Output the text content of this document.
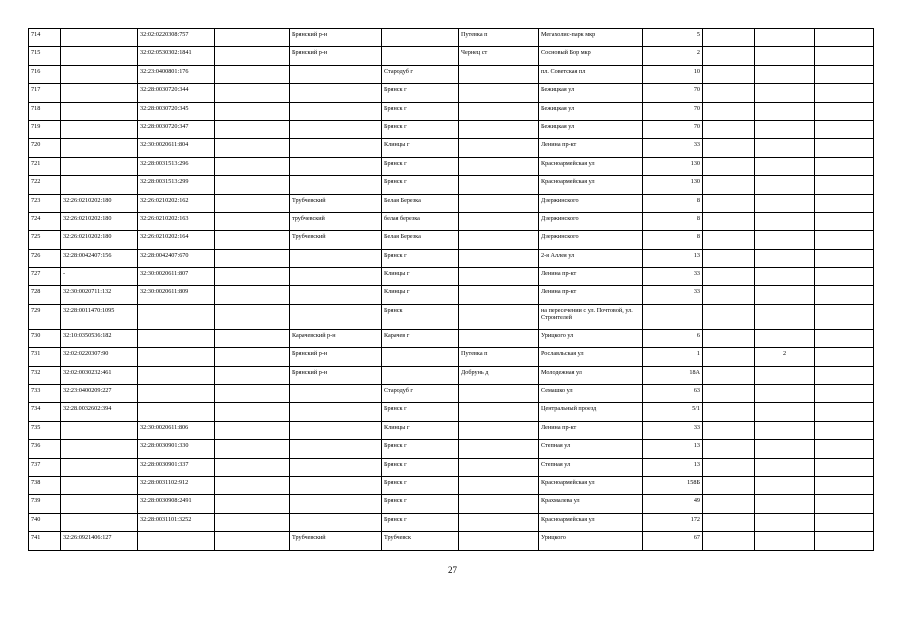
714		32:02:0220308:757		Брянский р-н		Путевка п	Мегахолис-парк мкр	5			
715		32:02:0530302:1841		Брянский р-н		Чернец ст	Сосновый Бор мкр	2			
716		32:23:0400801:176			Стародуб г		пл. Советская пл	10			
717		32:28:0030720:344			Брянск г		Бежицкая ул	70			
718		32:28:0030720:345			Брянск г		Бежицкая ул	70			
719		32:28:0030720:347			Брянск г		Бежицкая ул	70			
720		32:30:0020611:804			Клинцы г		Ленина пр-кт	33			
721		32:28:0031513:296			Брянск г		Красноармейская ул	130			
722		32:28:0031513:299			Брянск г		Красноармейская ул	130			
723	32:26:0210202:180	32:26:0210202:162		Трубчевский	Белая Березка		Дзержинского	8			
724	32:26:0210202:180	32:26:0210202:163		трубчевский	белая березка		Дзержинского	8			
725	32:26:0210202:180	32:26:0210202:164		Трубчевский	Белая Березка		Дзержинского	8			
726	32:28:0042407:156	32:28:0042407:670			Брянск г		2-я Аллея ул	13			
727	-	32:30:0020611:807			Клинцы г		Ленина пр-кт	33			
728	32:30:0020711:132	32:30:0020611:809			Клинцы г		Ленина пр-кт	33			
729	32:28:0011470:1095				Брянск		на пересечении с ул. Почтовой, ул. Строителей				
730	32:10:0350536:182			Карачевский р-н	Карачев г		Урицкого ул	6			
731	32:02:0220307:90			Брянский р-н		Путевка п	Рославльская ул	1		2	
732	32:02:0030232:461			Брянский р-н		Добрунь д	Молодежная ул	18А			
733	32:23:0400209:227				Стародуб г		Семашко ул	63			
734	32:28.0032602:394				Брянск г		Центральный проезд	5/1			
735		32:30:0020611:806			Клинцы г		Ленина пр-кт	33			
736		32:28:0030901:330			Брянск г		Степная ул	13			
737		32:28:0030901:337			Брянск г		Степная ул	13			
738		32:28:0031102:912			Брянск г		Красноармейская ул	158Б			
739		32:28:0030908:2491			Брянск г		Крахмалева ул	49			
740		32:28:0031101:3252			Брянск г		Красноармейская ул	172			
741	32:26:0921406:127			Трубчевский	Трубчевск		Урицкого	67			
27
